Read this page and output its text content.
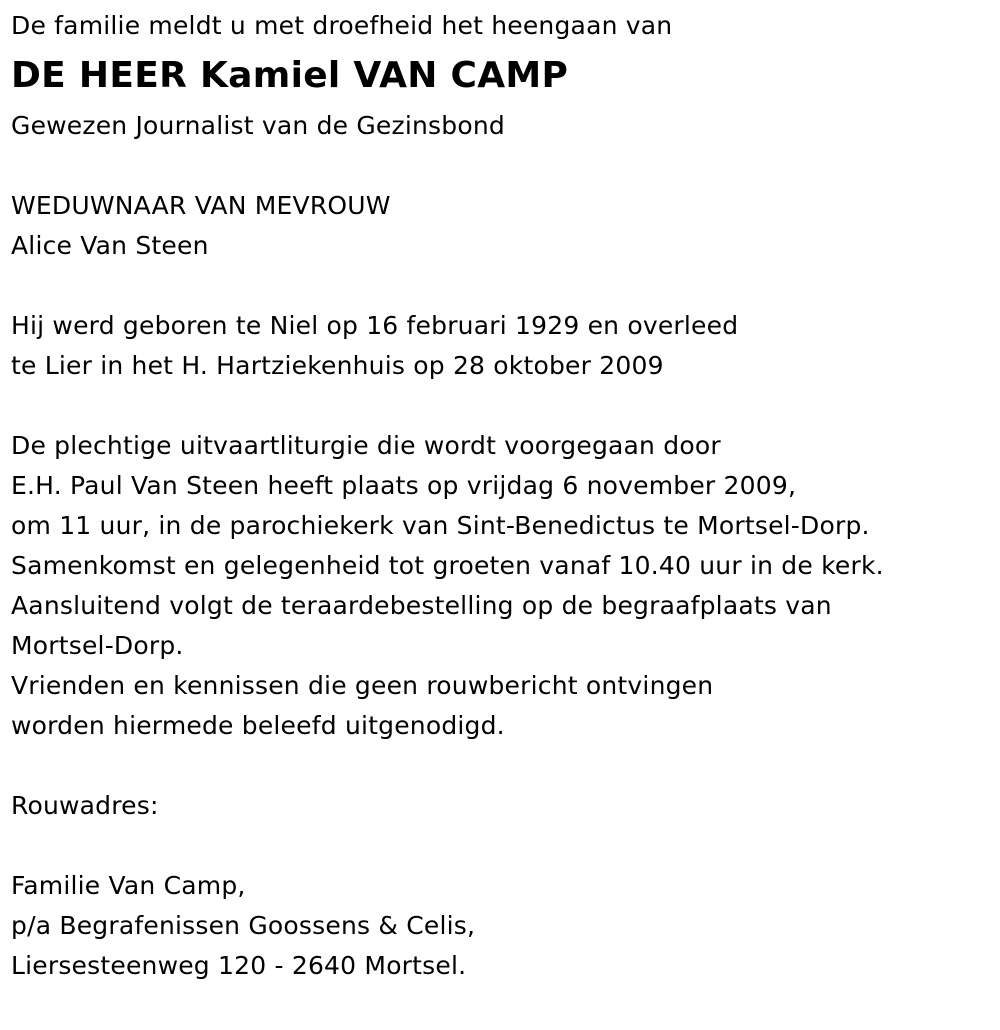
De familie meldt u met droefheid het heengaan van
DE HEER Kamiel VAN CAMP
Gewezen Journalist van de Gezinsbond
WEDUWNAAR VAN MEVROUW
Alice Van Steen
Hij werd geboren te Niel op 16 februari 1929 en overleed
te Lier in het H. Hartziekenhuis op 28 oktober 2009
De plechtige uitvaartliturgie die wordt voorgegaan door
E.H. Paul Van Steen heeft plaats op vrijdag 6 november 2009,
om 11 uur, in de parochiekerk van Sint-Benedictus te Mortsel-Dorp.
Samenkomst en gelegenheid tot groeten vanaf 10.40 uur in de kerk.
Aansluitend volgt de teraardebestelling op de begraafplaats van
Mortsel-Dorp.
Vrienden en kennissen die geen rouwbericht ontvingen
worden hiermede beleefd uitgenodigd.
Rouwadres:
Familie Van Camp,
p/a Begrafenissen Goossens & Celis,
Liersesteenweg 120 - 2640 Mortsel.
